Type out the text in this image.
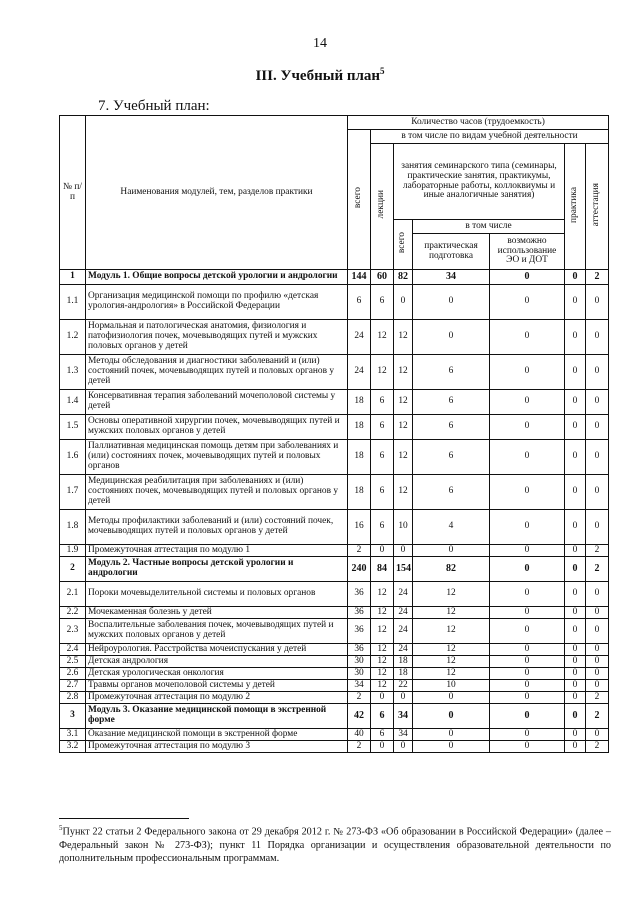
14
III. Учебный план$^5$
7. Учебный план:
№ п/п	Наименования модулей, тем, разделов практики	Количество часов (трудоемкость)						
		всего	в том числе по видам учебной деятельности					
			лекции	занятия семинарского типа (семинары, практические занятия, практикумы, лабораторные работы, коллоквиумы и иные аналогичные занятия)			практика	аттестация
				всего	в том числе			
					практическая подготовка	возможно использование ЭО и ДОТ		
1	Модуль 1. Общие вопросы детской урологии и андрологии	144	60	82	34	0	0	2
1.1	Организация медицинской помощи по профилю «детская урология-андрология» в Российской Федерации	6	6	0	0	0	0	0
1.2	Нормальная и патологическая анатомия, физиология и патофизиология почек, мочевыводящих путей и мужских половых органов у детей	24	12	12	0	0	0	0
1.3	Методы обследования и диагностики заболеваний и (или) состояний почек, мочевыводящих путей и половых органов у детей	24	12	12	6	0	0	0
1.4	Консервативная терапия заболеваний мочеполовой системы у детей	18	6	12	6	0	0	0
1.5	Основы оперативной хирургии почек, мочевыводящих путей и мужских половых органов у детей	18	6	12	6	0	0	0
1.6	Паллиативная медицинская помощь детям при заболеваниях и (или) состояниях почек, мочевыводящих путей и половых органов	18	6	12	6	0	0	0
1.7	Медицинская реабилитация при заболеваниях и (или) состояниях почек, мочевыводящих путей и половых органов у детей	18	6	12	6	0	0	0
1.8	Методы профилактики заболеваний и (или) состояний почек, мочевыводящих путей и половых органов у детей	16	6	10	4	0	0	0
1.9	Промежуточная аттестация по модулю 1	2	0	0	0	0	0	2
2	Модуль 2. Частные вопросы детской урологии и андрологии	240	84	154	82	0	0	2
2.1	Пороки мочевыделительной системы и половых органов	36	12	24	12	0	0	0
2.2	Мочекаменная болезнь у детей	36	12	24	12	0	0	0
2.3	Воспалительные заболевания почек, мочевыводящих путей и мужских половых органов у детей	36	12	24	12	0	0	0
2.4	Нейроурология. Расстройства мочеиспускания у детей	36	12	24	12	0	0	0
2.5	Детская андрология	30	12	18	12	0	0	0
2.6	Детская урологическая онкология	30	12	18	12	0	0	0
2.7	Травмы органов мочеполовой системы у детей	34	12	22	10	0	0	0
2.8	Промежуточная аттестация по модулю 2	2	0	0	0	0	0	2
3	Модуль 3. Оказание медицинской помощи в экстренной форме	42	6	34	0	0	0	2
3.1	Оказание медицинской помощи в экстренной форме	40	6	34	0	0	0	0
3.2	Промежуточная аттестация по модулю 3	2	0	0	0	0	0	2
$^5$Пункт 22 статьи 2 Федерального закона от 29 декабря 2012 г. № 273-ФЗ «Об образовании в Российской Федерации» (далее – Федеральный закон № 273-ФЗ); пункт 11 Порядка организации и осуществления образовательной деятельности по дополнительным профессиональным программам.
